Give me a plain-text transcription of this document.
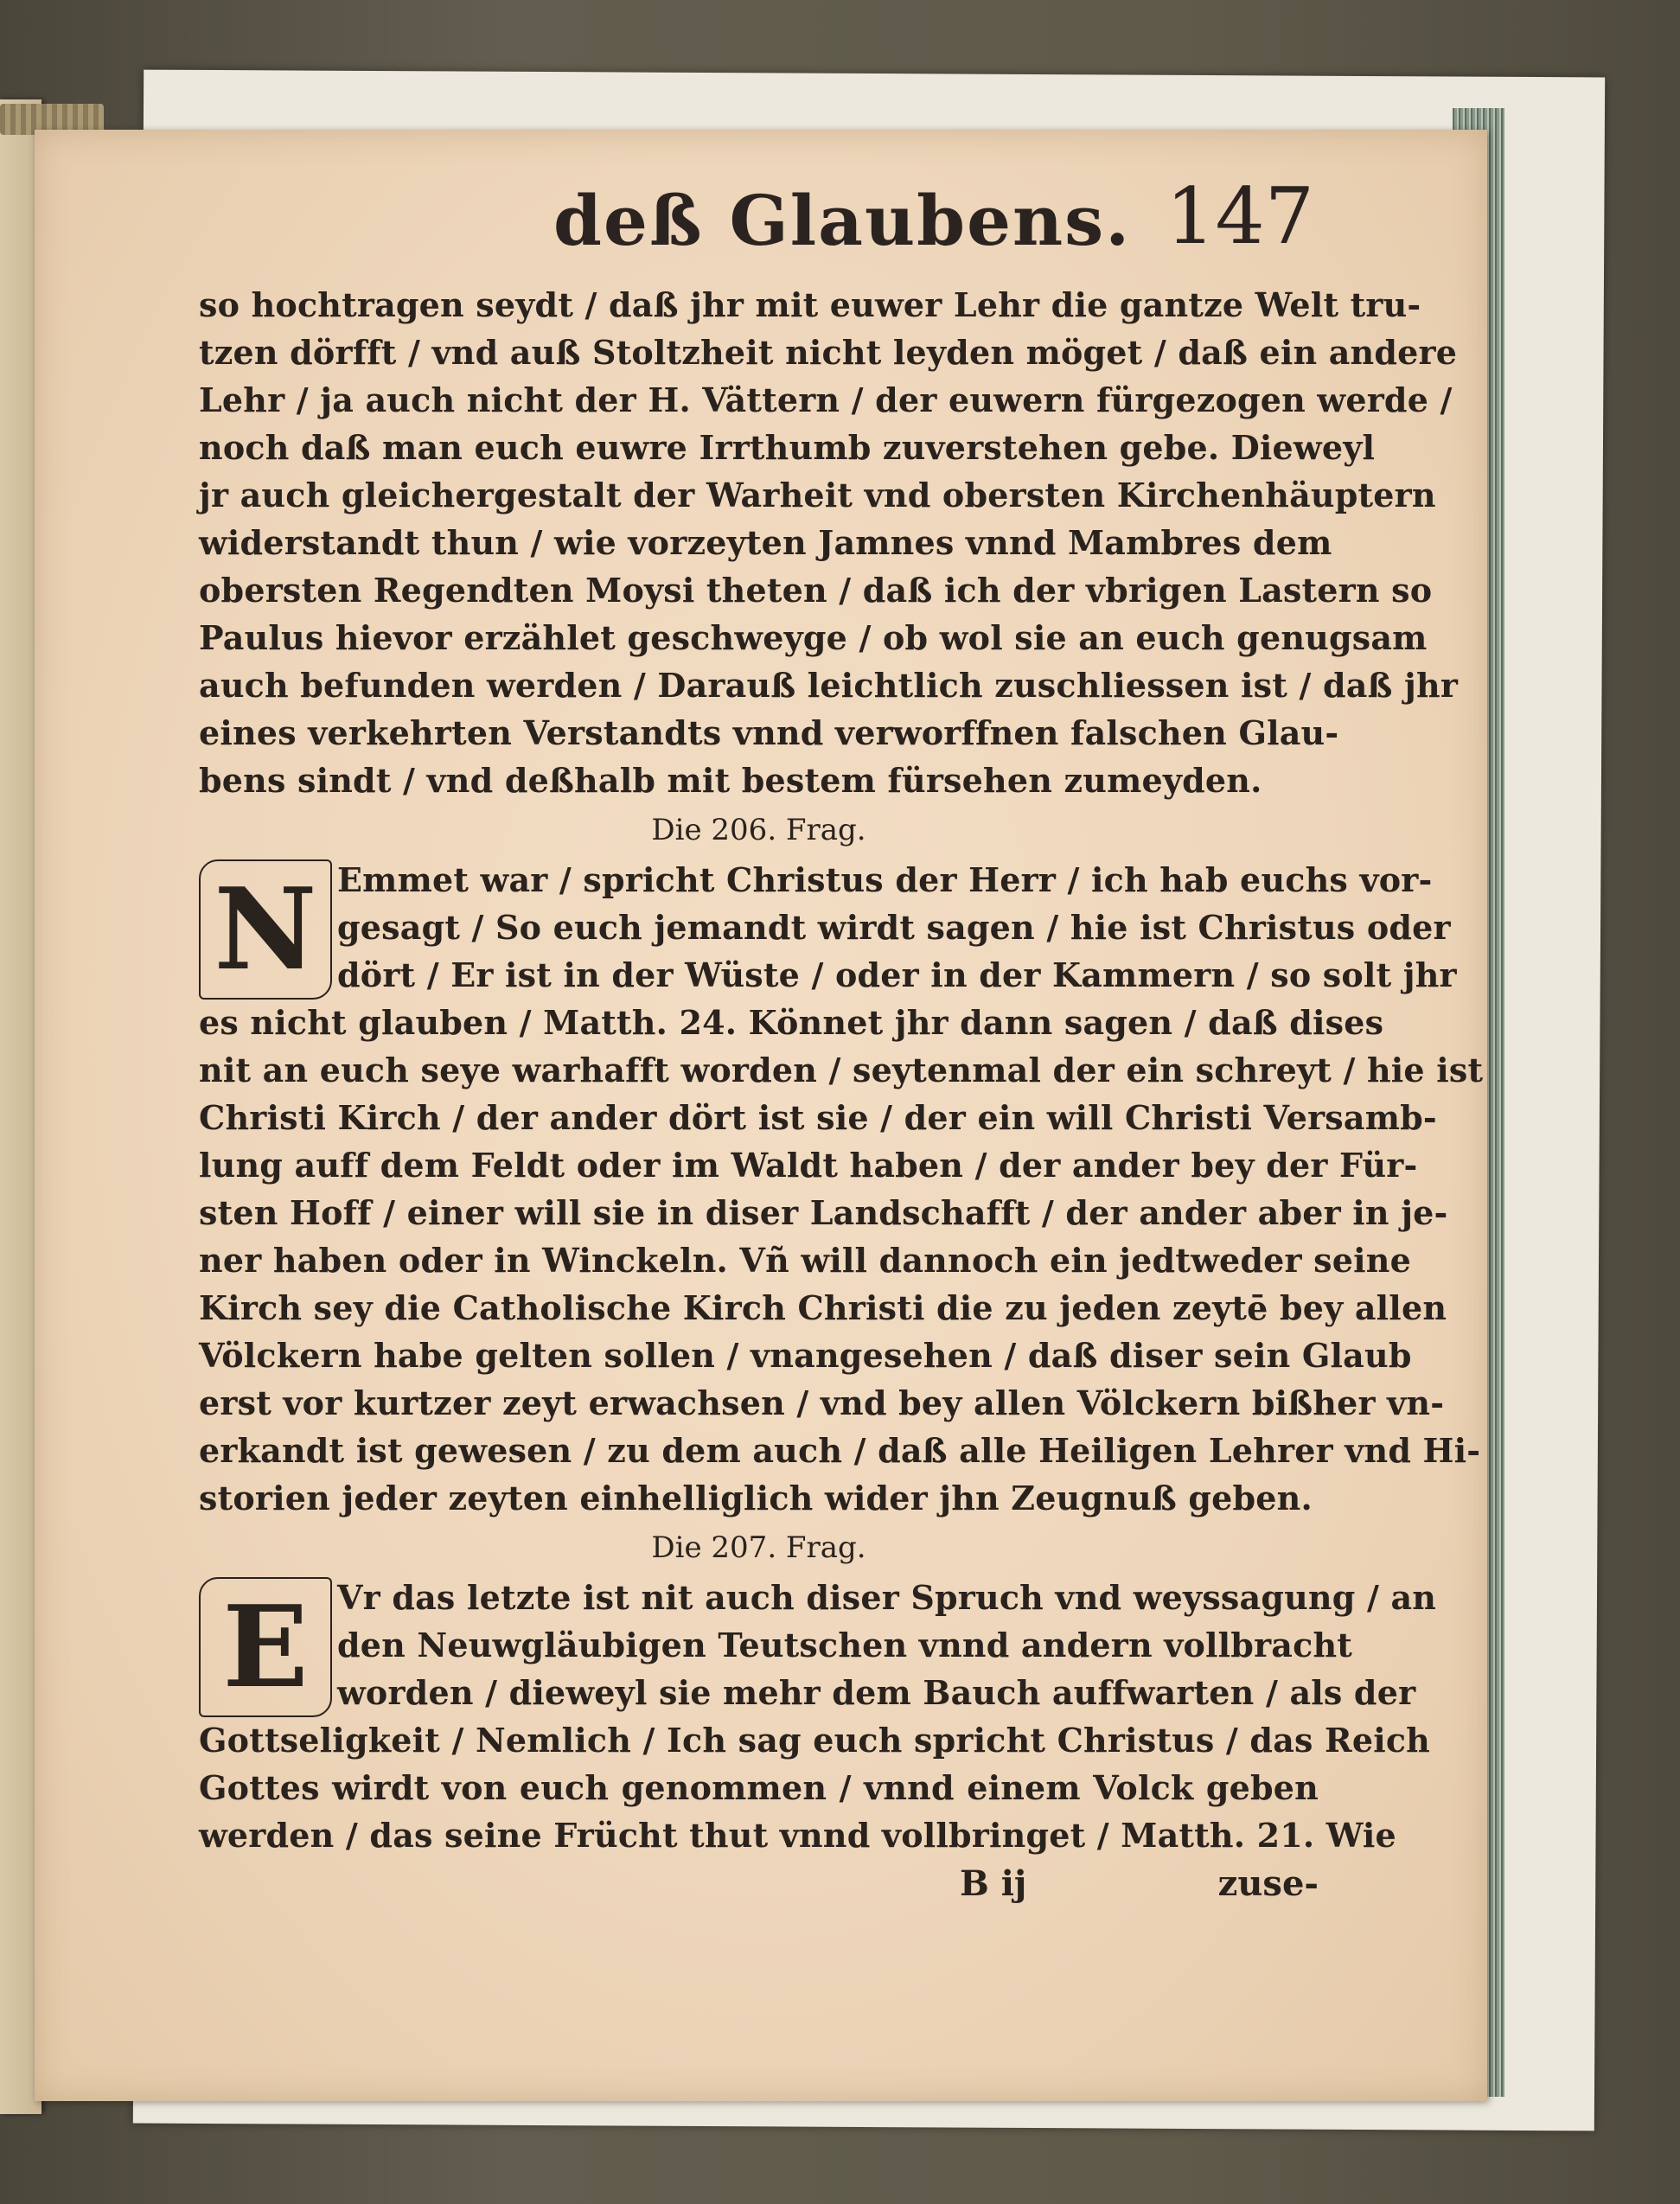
deß Glaubens. 147
so hochtragen seydt / daß jhr mit euwer Lehr die gantze Welt tru-
tzen dörfft / vnd auß Stoltzheit nicht leyden möget / daß ein andere
Lehr / ja auch nicht der H. Vättern / der euwern fürgezogen werde /
noch daß man euch euwre Irrthumb zuverstehen gebe. Dieweyl
jr auch gleichergestalt der Warheit vnd obersten Kirchenhäuptern
widerstandt thun / wie vorzeyten Jamnes vnnd Mambres dem
obersten Regendten Moysi theten / daß ich der vbrigen Lastern so
Paulus hievor erzählet geschweyge / ob wol sie an euch genugsam
auch befunden werden / Darauß leichtlich zuschliessen ist / daß jhr
eines verkehrten Verstandts vnnd verworffnen falschen Glau-
bens sindt / vnd deßhalb mit bestem fürsehen zumeyden.
Die 206. Frag.
N Emmet war / spricht Christus der Herr / ich hab euchs vor-
gesagt / So euch jemandt wirdt sagen / hie ist Christus oder
dört / Er ist in der Wüste / oder in der Kammern / so solt jhr
es nicht glauben / Matth. 24. Könnet jhr dann sagen / daß dises
nit an euch seye warhafft worden / seytenmal der ein schreyt / hie ist
Christi Kirch / der ander dört ist sie / der ein will Christi Versamb-
lung auff dem Feldt oder im Waldt haben / der ander bey der Für-
sten Hoff / einer will sie in diser Landschafft / der ander aber in je-
ner haben oder in Winckeln. Vñ will dannoch ein jedtweder seine
Kirch sey die Catholische Kirch Christi die zu jeden zeytē bey allen
Völckern habe gelten sollen / vnangesehen / daß diser sein Glaub
erst vor kurtzer zeyt erwachsen / vnd bey allen Völckern bißher vn-
erkandt ist gewesen / zu dem auch / daß alle Heiligen Lehrer vnd Hi-
storien jeder zeyten einhelliglich wider jhn Zeugnuß geben.
Die 207. Frag.
E Vr das letzte ist nit auch diser Spruch vnd weyssagung / an
den Neuwgläubigen Teutschen vnnd andern vollbracht
worden / dieweyl sie mehr dem Bauch auffwarten / als der
Gottseligkeit / Nemlich / Ich sag euch spricht Christus / das Reich
Gottes wirdt von euch genommen / vnnd einem Volck geben
werden / das seine Frücht thut vnnd vollbringet / Matth. 21. Wie
B ij	zuse-
